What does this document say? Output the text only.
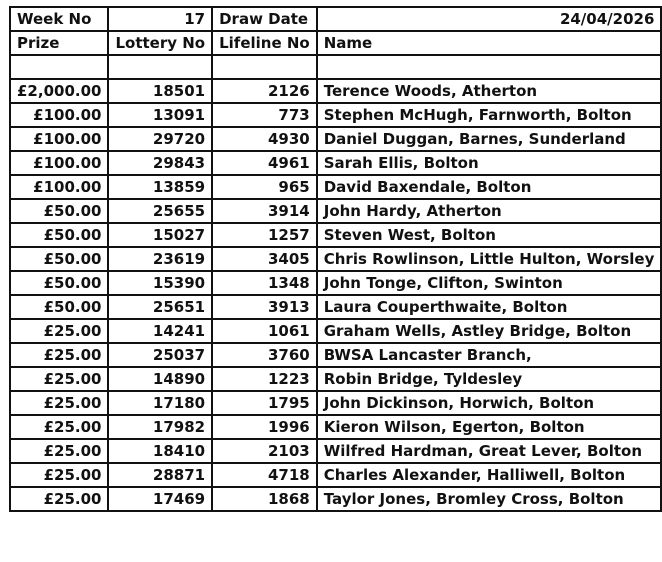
Week No	17	Draw Date	24/04/2026
Prize	Lottery No	Lifeline No	Name

£2,000.00	18501	2126	Terence Woods, Atherton
£100.00	13091	773	Stephen McHugh, Farnworth, Bolton
£100.00	29720	4930	Daniel Duggan, Barnes, Sunderland
£100.00	29843	4961	Sarah Ellis, Bolton
£100.00	13859	965	David Baxendale, Bolton
£50.00	25655	3914	John Hardy, Atherton
£50.00	15027	1257	Steven West, Bolton
£50.00	23619	3405	Chris Rowlinson, Little Hulton, Worsley
£50.00	15390	1348	John Tonge, Clifton, Swinton
£50.00	25651	3913	Laura Couperthwaite, Bolton
£25.00	14241	1061	Graham Wells, Astley Bridge, Bolton
£25.00	25037	3760	BWSA Lancaster Branch,
£25.00	14890	1223	Robin Bridge, Tyldesley
£25.00	17180	1795	John Dickinson, Horwich, Bolton
£25.00	17982	1996	Kieron Wilson, Egerton, Bolton
£25.00	18410	2103	Wilfred Hardman, Great Lever, Bolton
£25.00	28871	4718	Charles Alexander, Halliwell, Bolton
£25.00	17469	1868	Taylor Jones, Bromley Cross, Bolton
